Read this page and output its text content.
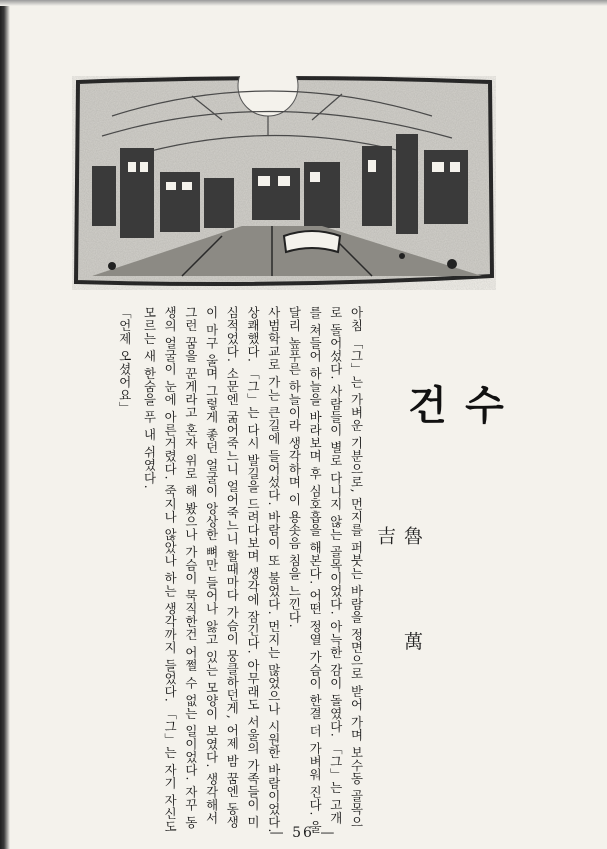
수 건
魯 萬 吉

아침 「그」는 가벼운 기분으로, 먼지를 퍼붓는 바람을 정면으로 받어 가며 보수동 골목으로 돌어섰다. 사람들이 별로 다니지 않는 골목이었다. 아늑한 감이 돌였다. 「그」는 고개를 쳐들어 하늘을 바라보며 후 심호흡을 해본다. 어떤 정열 가슴이 한결 더 가벼워 진다. 울달리 높푸른 하늘이라 생각하며 이 용솟음 침을 느낀다.

사범학교로 가는 큰길에 들어섰다. 바람이 또 불었다. 먼지는 많었으나 시원한 바람이었다. 상쾌했다. 「그」는 다시 발길을 드려다보며 생각에 잠긴다. 아무래도 서울의 가족들이 미심적었다. 소문엔 굶어죽느니 얼어죽느니 할때마다 가슴이 뭉클하던게, 어제 밤 꿈엔 동생이 마구 울며 그렇게 좋던 얼굴이 앙상한 뼈만 들어나 앓고 있는 모양이 보였다. 생각해서 그런 꿈을 꾼게라고 혼자 위로 해 봤으나 가슴이 묵직한건 어쩔 수 없는 일이었다. 자꾸 동생의 얼굴이 눈에 아른거렸다. 죽지나 않았나 하는 생각까지 들었다. 「그」는 자기 자신도 모르는 새 한숨을 푸 내 쉬였다.

「언제 오셨어요」

— 56 —
